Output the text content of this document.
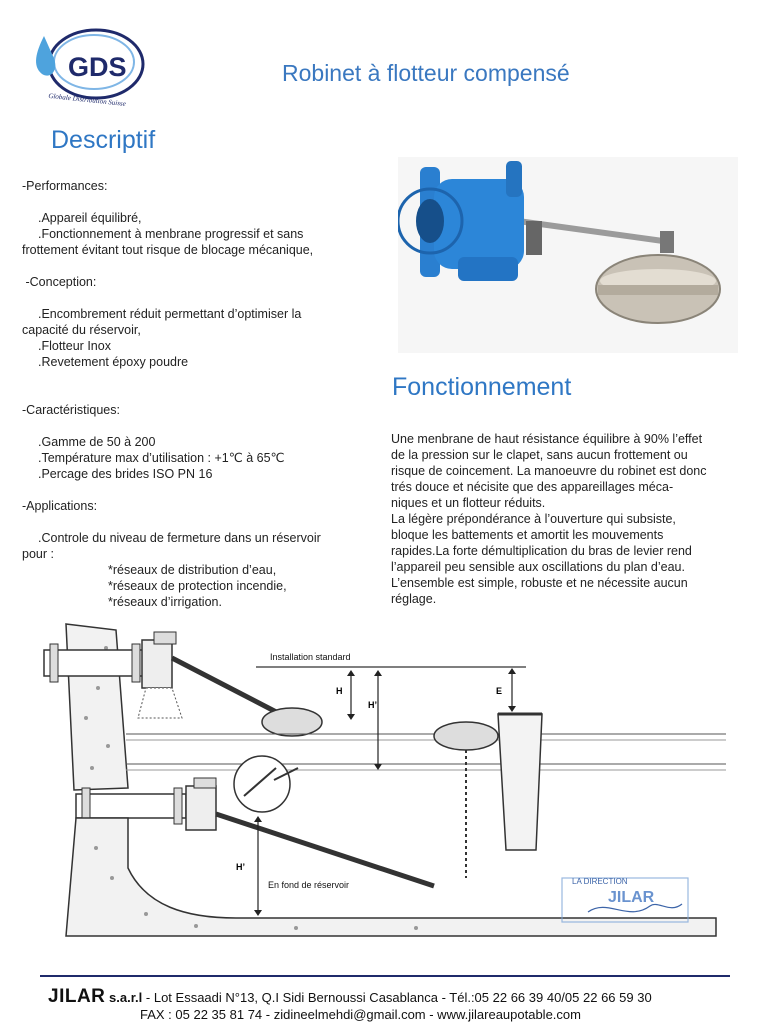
GDS
Globale Distribution Suisse
Robinet à flotteur compensé
Descriptif
-Performances:
.Appareil équilibré,
.Fonctionnement à menbrane progressif et sans
frottement évitant tout risque de blocage mécanique,
-Conception:
.Encombrement réduit permettant d’optimiser la
capacité du réservoir,
.Flotteur Inox
.Revetement époxy poudre
-Caractéristiques:
.Gamme de 50 à 200
.Température max d’utilisation : +1℃ à 65℃
.Percage des brides ISO PN 16
-Applications:
.Controle du niveau de fermeture dans un réservoir
pour :
*réseaux de distribution d’eau,
*réseaux de protection incendie,
*réseaux d’irrigation.
Fonctionnement
Une menbrane de haut résistance équilibre à 90% l’effet
de la pression sur le clapet, sans aucun frottement ou
risque de coincement. La manoeuvre du robinet est donc
trés douce et nécisite que des appareillages méca-
niques et un flotteur réduits.
La légère prépondérance à l’ouverture qui subsiste,
bloque les battements et amortit les mouvements
rapides.La forte démultiplication du bras de levier rend
l’appareil peu sensible aux oscillations du plan d’eau.
L’ensemble est simple, robuste et ne nécessite aucun
réglage.
Installation standard
H
H’
E
H’
En fond de réservoir	LA DIRECTION
JILAR
JILAR s.a.r.l - Lot Essaadi N°13, Q.I Sidi Bernoussi Casablanca - Tél.:05 22 66 39 40/05 22 66 59 30
FAX : 05 22 35 81 74 - zidineelmehdi@gmail.com - www.jilareaupotable.com
